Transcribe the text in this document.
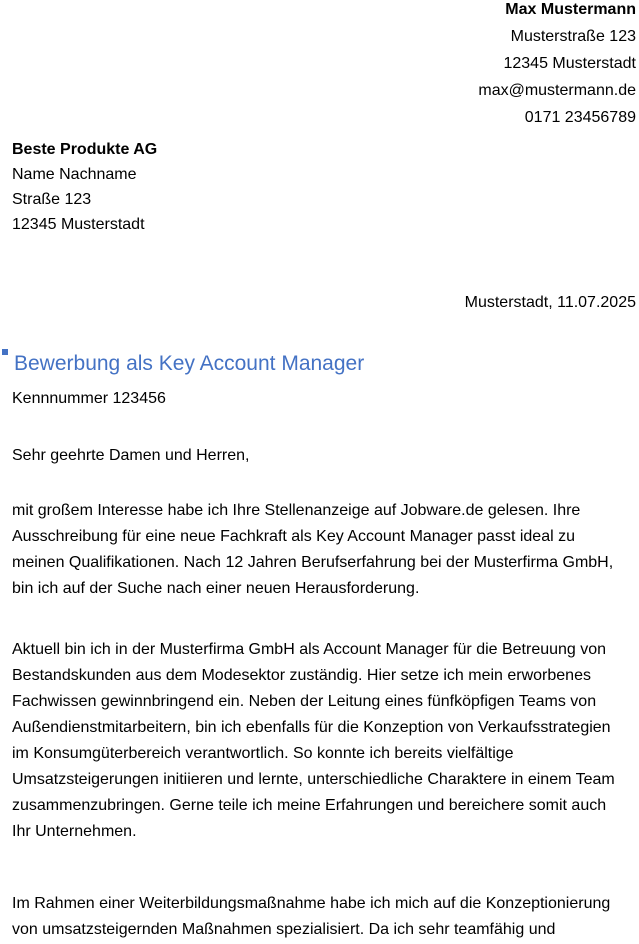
Max Mustermann
Musterstraße 123
12345 Musterstadt
max@mustermann.de
0171 23456789
Beste Produkte AG
Name Nachname
Straße 123
12345 Musterstadt
Musterstadt, 11.07.2025
Bewerbung als Key Account Manager
Kennnummer 123456
Sehr geehrte Damen und Herren,
mit großem Interesse habe ich Ihre Stellenanzeige auf Jobware.de gelesen. Ihre
Ausschreibung für eine neue Fachkraft als Key Account Manager passt ideal zu
meinen Qualifikationen. Nach 12 Jahren Berufserfahrung bei der Musterfirma GmbH,
bin ich auf der Suche nach einer neuen Herausforderung.
Aktuell bin ich in der Musterfirma GmbH als Account Manager für die Betreuung von
Bestandskunden aus dem Modesektor zuständig. Hier setze ich mein erworbenes
Fachwissen gewinnbringend ein. Neben der Leitung eines fünfköpfigen Teams von
Außendienstmitarbeitern, bin ich ebenfalls für die Konzeption von Verkaufsstrategien
im Konsumgüterbereich verantwortlich. So konnte ich bereits vielfältige
Umsatzsteigerungen initiieren und lernte, unterschiedliche Charaktere in einem Team
zusammenzubringen. Gerne teile ich meine Erfahrungen und bereichere somit auch
Ihr Unternehmen.
Im Rahmen einer Weiterbildungsmaßnahme habe ich mich auf die Konzeptionierung
von umsatzsteigernden Maßnahmen spezialisiert. Da ich sehr teamfähig und
